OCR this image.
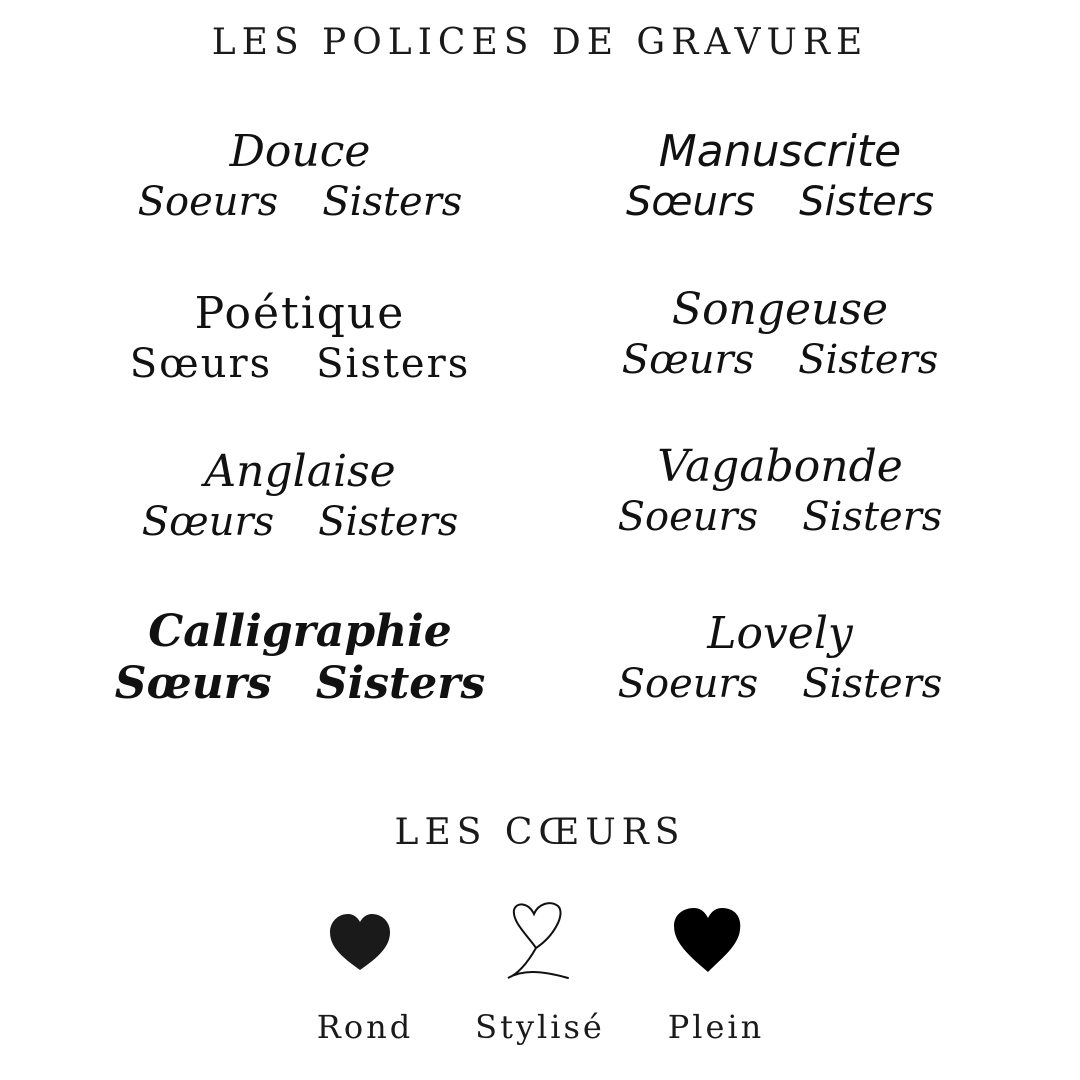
LES POLICES DE GRAVURE
Douce
Soeurs Sisters
Manuscrite
Sœurs Sisters
Poétique
Sœurs Sisters
Songeuse
Sœurs Sisters
Anglaise
Sœurs Sisters
Vagabonde
Soeurs Sisters
Calligraphie
Sœurs Sisters
Lovely
Soeurs Sisters
LES CŒURS
Rond	Stylisé	Plein
